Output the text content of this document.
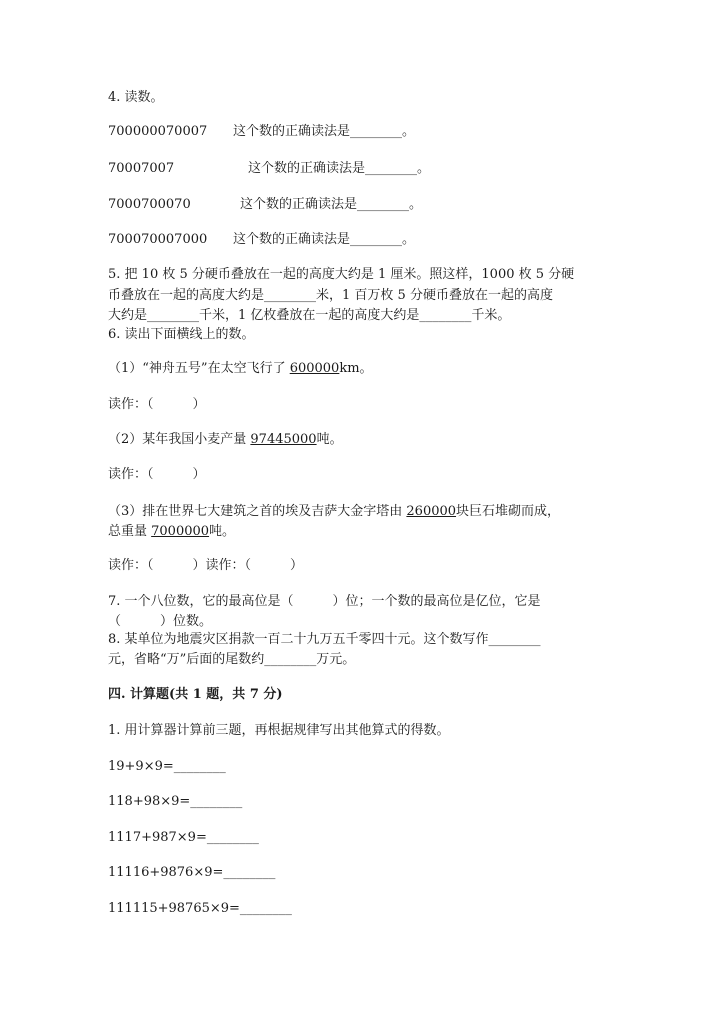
4. 读数。
700000070007 这个数的正确读法是________。
70007007	这个数的正确读法是________。
7000700070	这个数的正确读法是________。
700070007000 这个数的正确读法是________。
5. 把 10 枚 5 分硬币叠放在一起的高度大约是 1 厘米。照这样，1000 枚 5 分硬
币叠放在一起的高度大约是________米，1 百万枚 5 分硬币叠放在一起的高度
大约是________千米，1 亿枚叠放在一起的高度大约是________千米。
6. 读出下面横线上的数。
（1）“神舟五号”在太空飞行了 600000km。
读作：（　　　）
（2）某年我国小麦产量 97445000吨。
读作：（　　　）
（3）排在世界七大建筑之首的埃及吉萨大金字塔由 260000块巨石堆砌而成，
总重量 7000000吨。
读作：（　　　）读作：（　　　）
7. 一个八位数，它的最高位是（　　　）位；一个数的最高位是亿位，它是
（　　　）位数。
8. 某单位为地震灾区捐款一百二十九万五千零四十元。这个数写作________
元，省略“万”后面的尾数约________万元。
四. 计算题(共 1 题，共 7 分)
1. 用计算器计算前三题，再根据规律写出其他算式的得数。
19+9×9=________
118+98×9=________
1117+987×9=________
11116+9876×9=________
111115+98765×9=________
